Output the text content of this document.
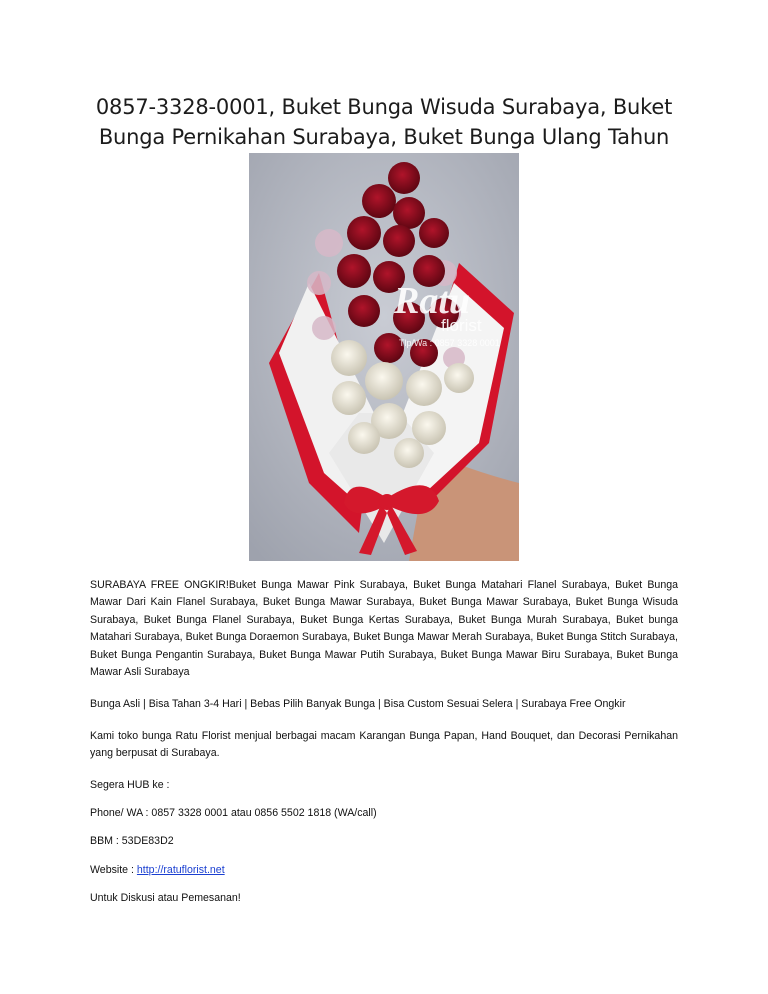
0857-3328-0001, Buket Bunga Wisuda Surabaya, Buket Bunga Pernikahan Surabaya, Buket Bunga Ulang Tahun
Ratu
florist
Tlp/Wa : 0857 3328 0001
SURABAYA FREE ONGKIR!Buket Bunga Mawar Pink Surabaya, Buket Bunga Matahari Flanel Surabaya, Buket Bunga Mawar Dari Kain Flanel Surabaya, Buket Bunga Mawar Surabaya, Buket Bunga Mawar Surabaya, Buket Bunga Wisuda Surabaya, Buket Bunga Flanel Surabaya, Buket Bunga Kertas Surabaya, Buket Bunga Murah Surabaya, Buket bunga Matahari Surabaya, Buket Bunga Doraemon Surabaya, Buket Bunga Mawar Merah Surabaya, Buket Bunga Stitch Surabaya, Buket Bunga Pengantin Surabaya, Buket Bunga Mawar Putih Surabaya, Buket Bunga Mawar Biru Surabaya, Buket Bunga Mawar Asli Surabaya
Bunga Asli | Bisa Tahan 3-4 Hari | Bebas Pilih Banyak Bunga | Bisa Custom Sesuai Selera | Surabaya Free Ongkir
Kami toko bunga Ratu Florist menjual berbagai macam Karangan Bunga Papan, Hand Bouquet, dan Decorasi Pernikahan yang berpusat di Surabaya.
Segera HUB ke :
Phone/ WA : 0857 3328 0001 atau 0856 5502 1818 (WA/call)
BBM : 53DE83D2
Website : http://ratuflorist.net
Untuk Diskusi atau Pemesanan!
